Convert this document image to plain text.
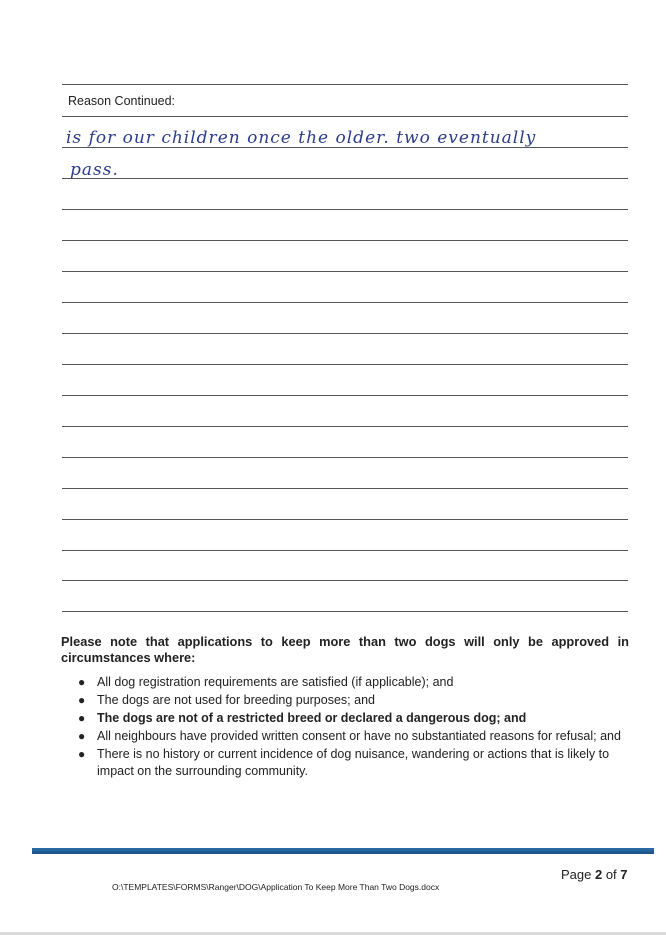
Reason Continued:
is for our children once the older. two eventually
pass.
Please note that applications to keep more than two dogs will only be approved in circumstances where:
● All dog registration requirements are satisfied (if applicable); and
● The dogs are not used for breeding purposes; and
● The dogs are not of a restricted breed or declared a dangerous dog; and
● All neighbours have provided written consent or have no substantiated reasons for refusal; and
● There is no history or current incidence of dog nuisance, wandering or actions that is likely to impact on the surrounding community.
Page 2 of 7
O:\TEMPLATES\FORMS\Ranger\DOG\Application To Keep More Than Two Dogs.docx
